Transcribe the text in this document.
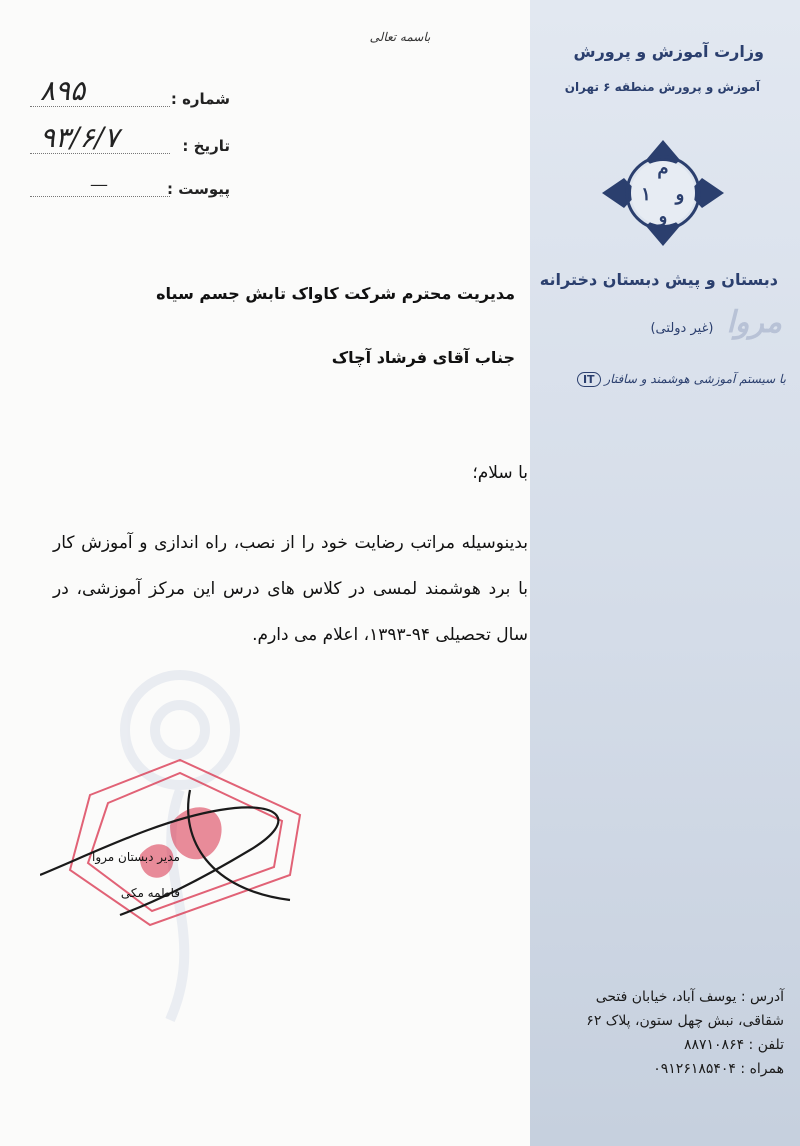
وزارت آموزش و پرورش
آموزش و پرورش منطقه ۶ تهران
م
۱ و
و
دبستان و پیش دبستان دخترانه
مروا (غیر دولتی)
با سیستم آموزشی هوشمند و سافتار IT
آدرس : یوسف آباد، خیابان فتحی
شقاقی، نبش چهل ستون، پلاک ۶۲
تلفن : ۸۸۷۱۰۸۶۴
همراه : ۰۹۱۲۶۱۸۵۴۰۴
باسمه تعالی
شماره :
۸۹۵
تاریخ :
۹۳/۶/۷
پیوست :
—
مدیریت محترم شرکت کاواک تابش جسم سیاه
جناب آقای فرشاد آچاک
با سلام؛
بدینوسیله مراتب رضایت خود را از نصب، راه اندازی و آموزش کار با برد هوشمند لمسی در کلاس های درس این مرکز آموزشی، در سال تحصیلی ۹۴-۱۳۹۳، اعلام می دارم.
مدیر دبستان مروا
فاطمه مکی
